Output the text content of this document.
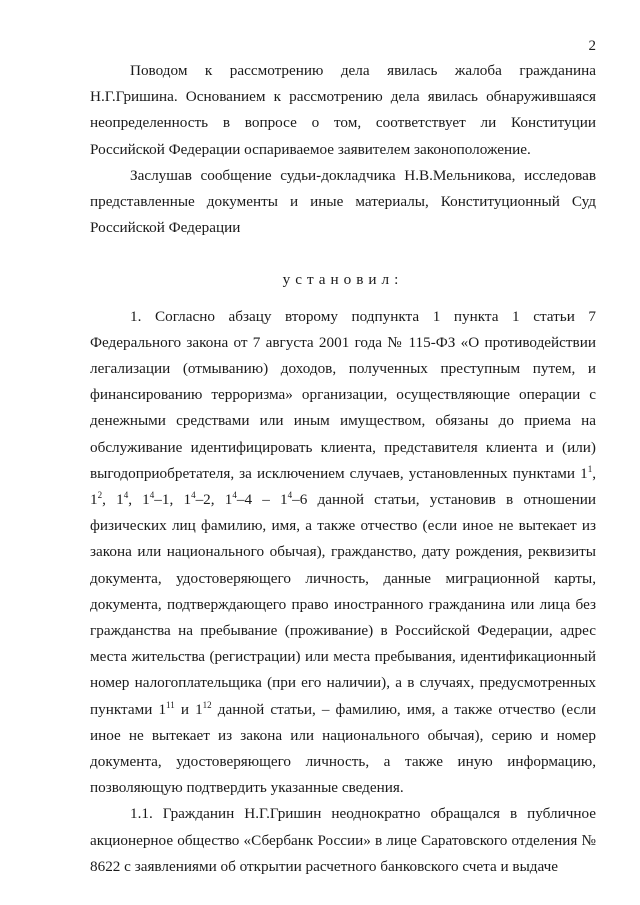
2

Поводом к рассмотрению дела явилась жалоба гражданина Н.Г.Гришина. Основанием к рассмотрению дела явилась обнаружившаяся неопределенность в вопросе о том, соответствует ли Конституции Российской Федерации оспариваемое заявителем законоположение.

Заслушав сообщение судьи-докладчика Н.В.Мельникова, исследовав представленные документы и иные материалы, Конституционный Суд Российской Федерации

установил:

1. Согласно абзацу второму подпункта 1 пункта 1 статьи 7 Федерального закона от 7 августа 2001 года № 115-ФЗ «О противодействии легализации (отмыванию) доходов, полученных преступным путем, и финансированию терроризма» организации, осуществляющие операции с денежными средствами или иным имуществом, обязаны до приема на обслуживание идентифицировать клиента, представителя клиента и (или) выгодоприобретателя, за исключением случаев, установленных пунктами $1^1$, $1^2$, $1^4$, $1^4-1$, $1^4-2$, $1^4-4 - 1^4-6$ данной статьи, установив в отношении физических лиц фамилию, имя, а также отчество (если иное не вытекает из закона или национального обычая), гражданство, дату рождения, реквизиты документа, удостоверяющего личность, данные миграционной карты, документа, подтверждающего право иностранного гражданина или лица без гражданства на пребывание (проживание) в Российской Федерации, адрес места жительства (регистрации) или места пребывания, идентификационный номер налогоплательщика (при его наличии), а в случаях, предусмотренных пунктами $1^{11}$ и $1^{12}$ данной статьи, – фамилию, имя, а также отчество (если иное не вытекает из закона или национального обычая), серию и номер документа, удостоверяющего личность, а также иную информацию, позволяющую подтвердить указанные сведения.

1.1. Гражданин Н.Г.Гришин неоднократно обращался в публичное акционерное общество «Сбербанк России» в лице Саратовского отделения № 8622 с заявлениями об открытии расчетного банковского счета и выдаче
